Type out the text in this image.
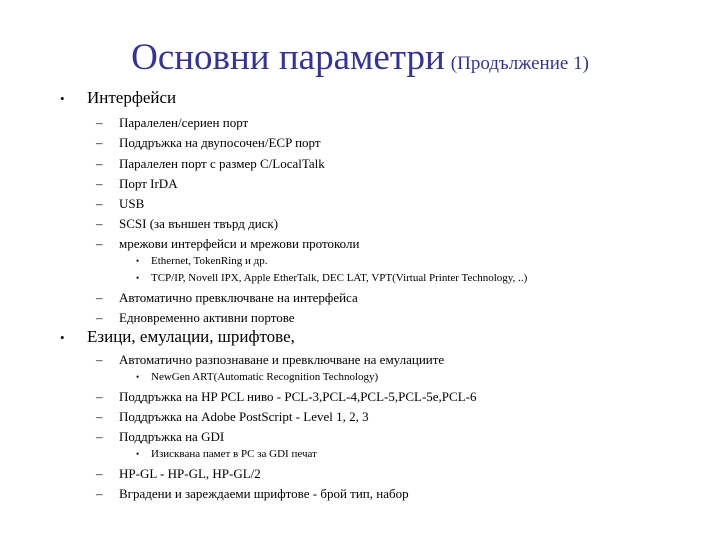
Основни параметри (Продължение 1)
• Интерфейси
– Паралелен/сериен порт
– Поддръжка на двупосочен/ECP порт
– Паралелен порт с размер C/LocalTalk
– Порт IrDA
– USB
– SCSI (за външен твърд диск)
– мрежови интерфейси и мрежови протоколи
• Ethernet, TokenRing и др.
• TCP/IP, Novell IPX, Apple EtherTalk, DEC LAT, VPT(Virtual Printer Technology, ..)
– Автоматично превключване на интерфейса
– Едновременно активни портове
• Езици, емулации, шрифтове,
– Автоматично разпознаване и превключване на емулациите
• NewGen ART(Automatic Recognition Technology)
– Поддръжка на HP PCL ниво - PCL-3,PCL-4,PCL-5,PCL-5e,PCL-6
– Поддръжка на Adobe PostScript - Level 1, 2, 3
– Поддръжка на GDI
• Изисквана памет в PC за GDI печат
– HP-GL - HP-GL, HP-GL/2
– Вградени и зареждаеми шрифтове - брой тип, набор
